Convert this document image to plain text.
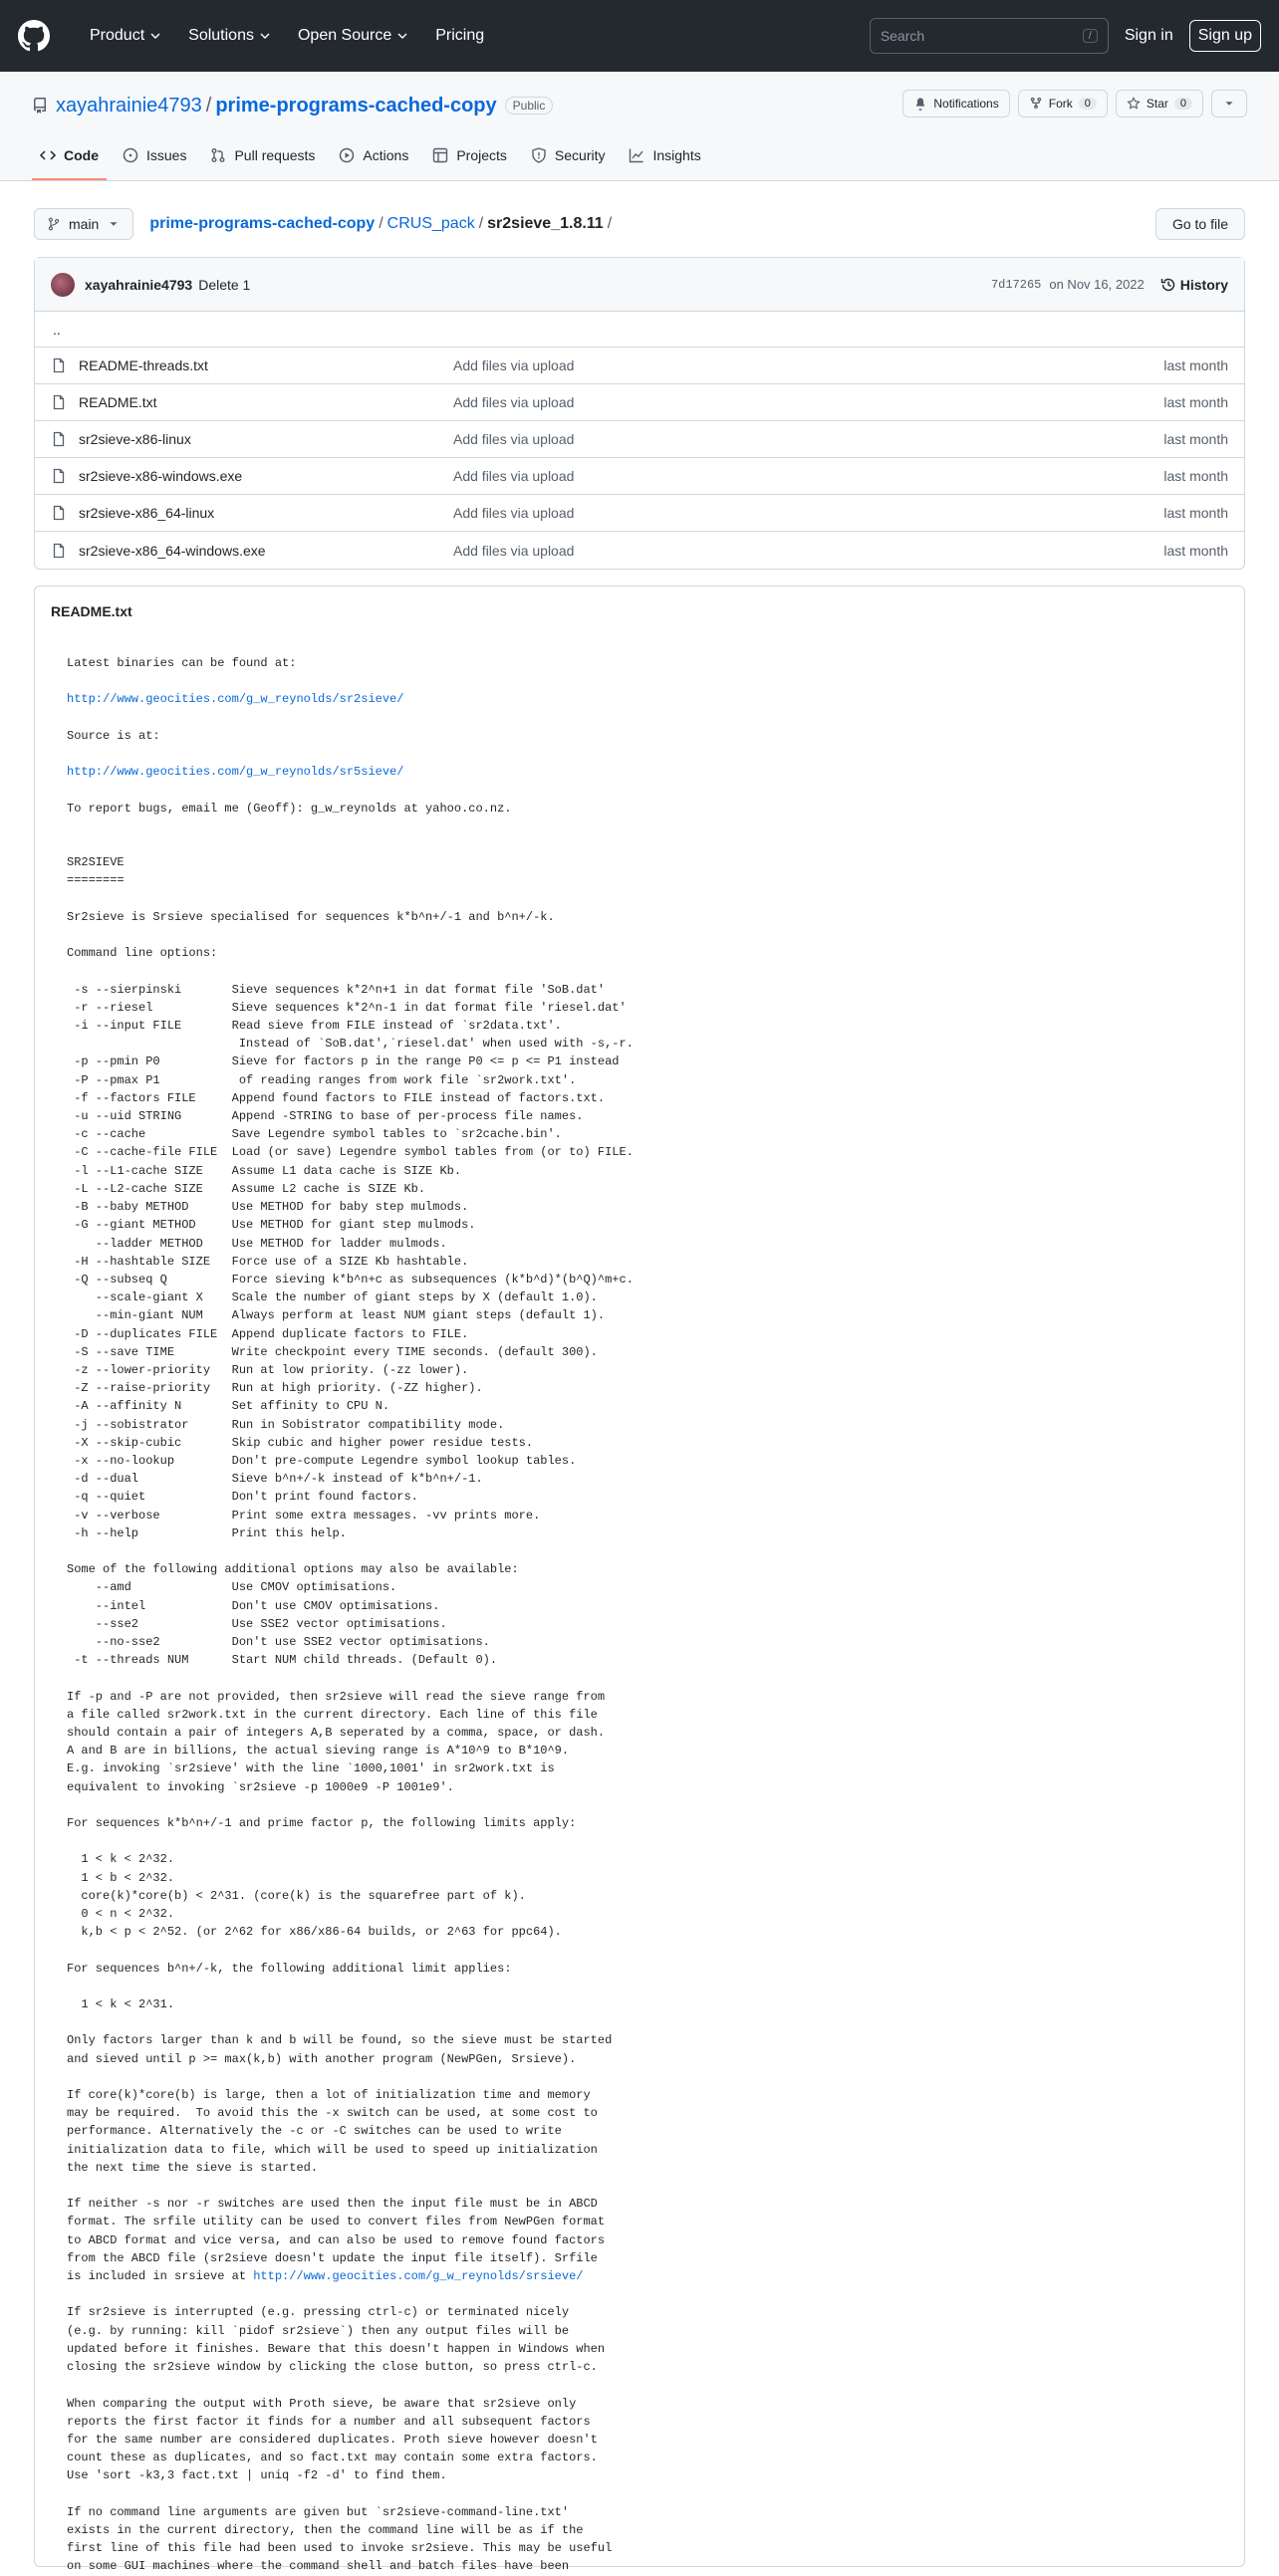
Product	Solutions	Open Source	Pricing
Search	/	Sign in	Sign up
xayahrainie4793 / prime-programs-cached-copy	Public	Notifications	Fork	0	Star	0
Code	Issues	Pull requests	Actions	Projects	Security	Insights
main	prime-programs-cached-copy / CRUS_pack / sr2sieve_1.8.11 /	Go to file
xayahrainie4793 Delete 1	7d17265 on Nov 16, 2022	History
..
README-threads.txt	Add files via upload	last month
README.txt	Add files via upload	last month
sr2sieve-x86-linux	Add files via upload	last month
sr2sieve-x86-windows.exe	Add files via upload	last month
sr2sieve-x86_64-linux	Add files via upload	last month
sr2sieve-x86_64-windows.exe	Add files via upload	last month
README.txt
Latest binaries can be found at:

http://www.geocities.com/g_w_reynolds/sr2sieve/

Source is at:

http://www.geocities.com/g_w_reynolds/sr5sieve/

To report bugs, email me (Geoff): g_w_reynolds at yahoo.co.nz.

SR2SIEVE
========

Sr2sieve is Srsieve specialised for sequences k*b^n+/-1 and b^n+/-k.

Command line options:

-s --sierpinski       Sieve sequences k*2^n+1 in dat format file 'SoB.dat'
-r --riesel           Sieve sequences k*2^n-1 in dat format file 'riesel.dat'
-i --input FILE       Read sieve from FILE instead of `sr2data.txt'.
Instead of `SoB.dat',`riesel.dat' when used with -s,-r.
-p --pmin P0          Sieve for factors p in the range P0 <= p <= P1 instead
-P --pmax P1           of reading ranges from work file `sr2work.txt'.
-f --factors FILE     Append found factors to FILE instead of factors.txt.
-u --uid STRING       Append -STRING to base of per-process file names.
-c --cache            Save Legendre symbol tables to `sr2cache.bin'.
-C --cache-file FILE  Load (or save) Legendre symbol tables from (or to) FILE.
-l --L1-cache SIZE    Assume L1 data cache is SIZE Kb.
-L --L2-cache SIZE    Assume L2 cache is SIZE Kb.
-B --baby METHOD      Use METHOD for baby step mulmods.
-G --giant METHOD     Use METHOD for giant step mulmods.
--ladder METHOD    Use METHOD for ladder mulmods.
-H --hashtable SIZE   Force use of a SIZE Kb hashtable.
-Q --subseq Q         Force sieving k*b^n+c as subsequences (k*b^d)*(b^Q)^m+c.
--scale-giant X    Scale the number of giant steps by X (default 1.0).
--min-giant NUM    Always perform at least NUM giant steps (default 1).
-D --duplicates FILE  Append duplicate factors to FILE.
-S --save TIME        Write checkpoint every TIME seconds. (default 300).
-z --lower-priority   Run at low priority. (-zz lower).
-Z --raise-priority   Run at high priority. (-ZZ higher).
-A --affinity N       Set affinity to CPU N.
-j --sobistrator      Run in Sobistrator compatibility mode.
-X --skip-cubic       Skip cubic and higher power residue tests.
-x --no-lookup        Don't pre-compute Legendre symbol lookup tables.
-d --dual             Sieve b^n+/-k instead of k*b^n+/-1.
-q --quiet            Don't print found factors.
-v --verbose          Print some extra messages. -vv prints more.
-h --help             Print this help.

Some of the following additional options may also be available:
--amd              Use CMOV optimisations.
--intel            Don't use CMOV optimisations.
--sse2             Use SSE2 vector optimisations.
--no-sse2          Don't use SSE2 vector optimisations.
-t --threads NUM      Start NUM child threads. (Default 0).

If -p and -P are not provided, then sr2sieve will read the sieve range from
a file called sr2work.txt in the current directory. Each line of this file
should contain a pair of integers A,B seperated by a comma, space, or dash.
A and B are in billions, the actual sieving range is A*10^9 to B*10^9.
E.g. invoking `sr2sieve' with the line `1000,1001' in sr2work.txt is
equivalent to invoking `sr2sieve -p 1000e9 -P 1001e9'.

For sequences k*b^n+/-1 and prime factor p, the following limits apply:

1 < k < 2^32.
1 < b < 2^32.
core(k)*core(b) < 2^31. (core(k) is the squarefree part of k).
0 < n < 2^32.
k,b < p < 2^52. (or 2^62 for x86/x86-64 builds, or 2^63 for ppc64).

For sequences b^n+/-k, the following additional limit applies:

1 < k < 2^31.

Only factors larger than k and b will be found, so the sieve must be started
and sieved until p >= max(k,b) with another program (NewPGen, Srsieve).

If core(k)*core(b) is large, then a lot of initialization time and memory
may be required.  To avoid this the -x switch can be used, at some cost to
performance. Alternatively the -c or -C switches can be used to write
initialization data to file, which will be used to speed up initialization
the next time the sieve is started.

If neither -s nor -r switches are used then the input file must be in ABCD
format. The srfile utility can be used to convert files from NewPGen format
to ABCD format and vice versa, and can also be used to remove found factors
from the ABCD file (sr2sieve doesn't update the input file itself). Srfile
is included in srsieve at http://www.geocities.com/g_w_reynolds/srsieve/

If sr2sieve is interrupted (e.g. pressing ctrl-c) or terminated nicely
(e.g. by running: kill `pidof sr2sieve`) then any output files will be
updated before it finishes. Beware that this doesn't happen in Windows when
closing the sr2sieve window by clicking the close button, so press ctrl-c.

When comparing the output with Proth sieve, be aware that sr2sieve only
reports the first factor it finds for a number and all subsequent factors
for the same number are considered duplicates. Proth sieve however doesn't
count these as duplicates, and so fact.txt may contain some extra factors.
Use 'sort -k3,3 fact.txt | uniq -f2 -d' to find them.

If no command line arguments are given but `sr2sieve-command-line.txt'
exists in the current directory, then the command line will be as if the
first line of this file had been used to invoke sr2sieve. This may be useful
on some GUI machines where the command shell and batch files have been
